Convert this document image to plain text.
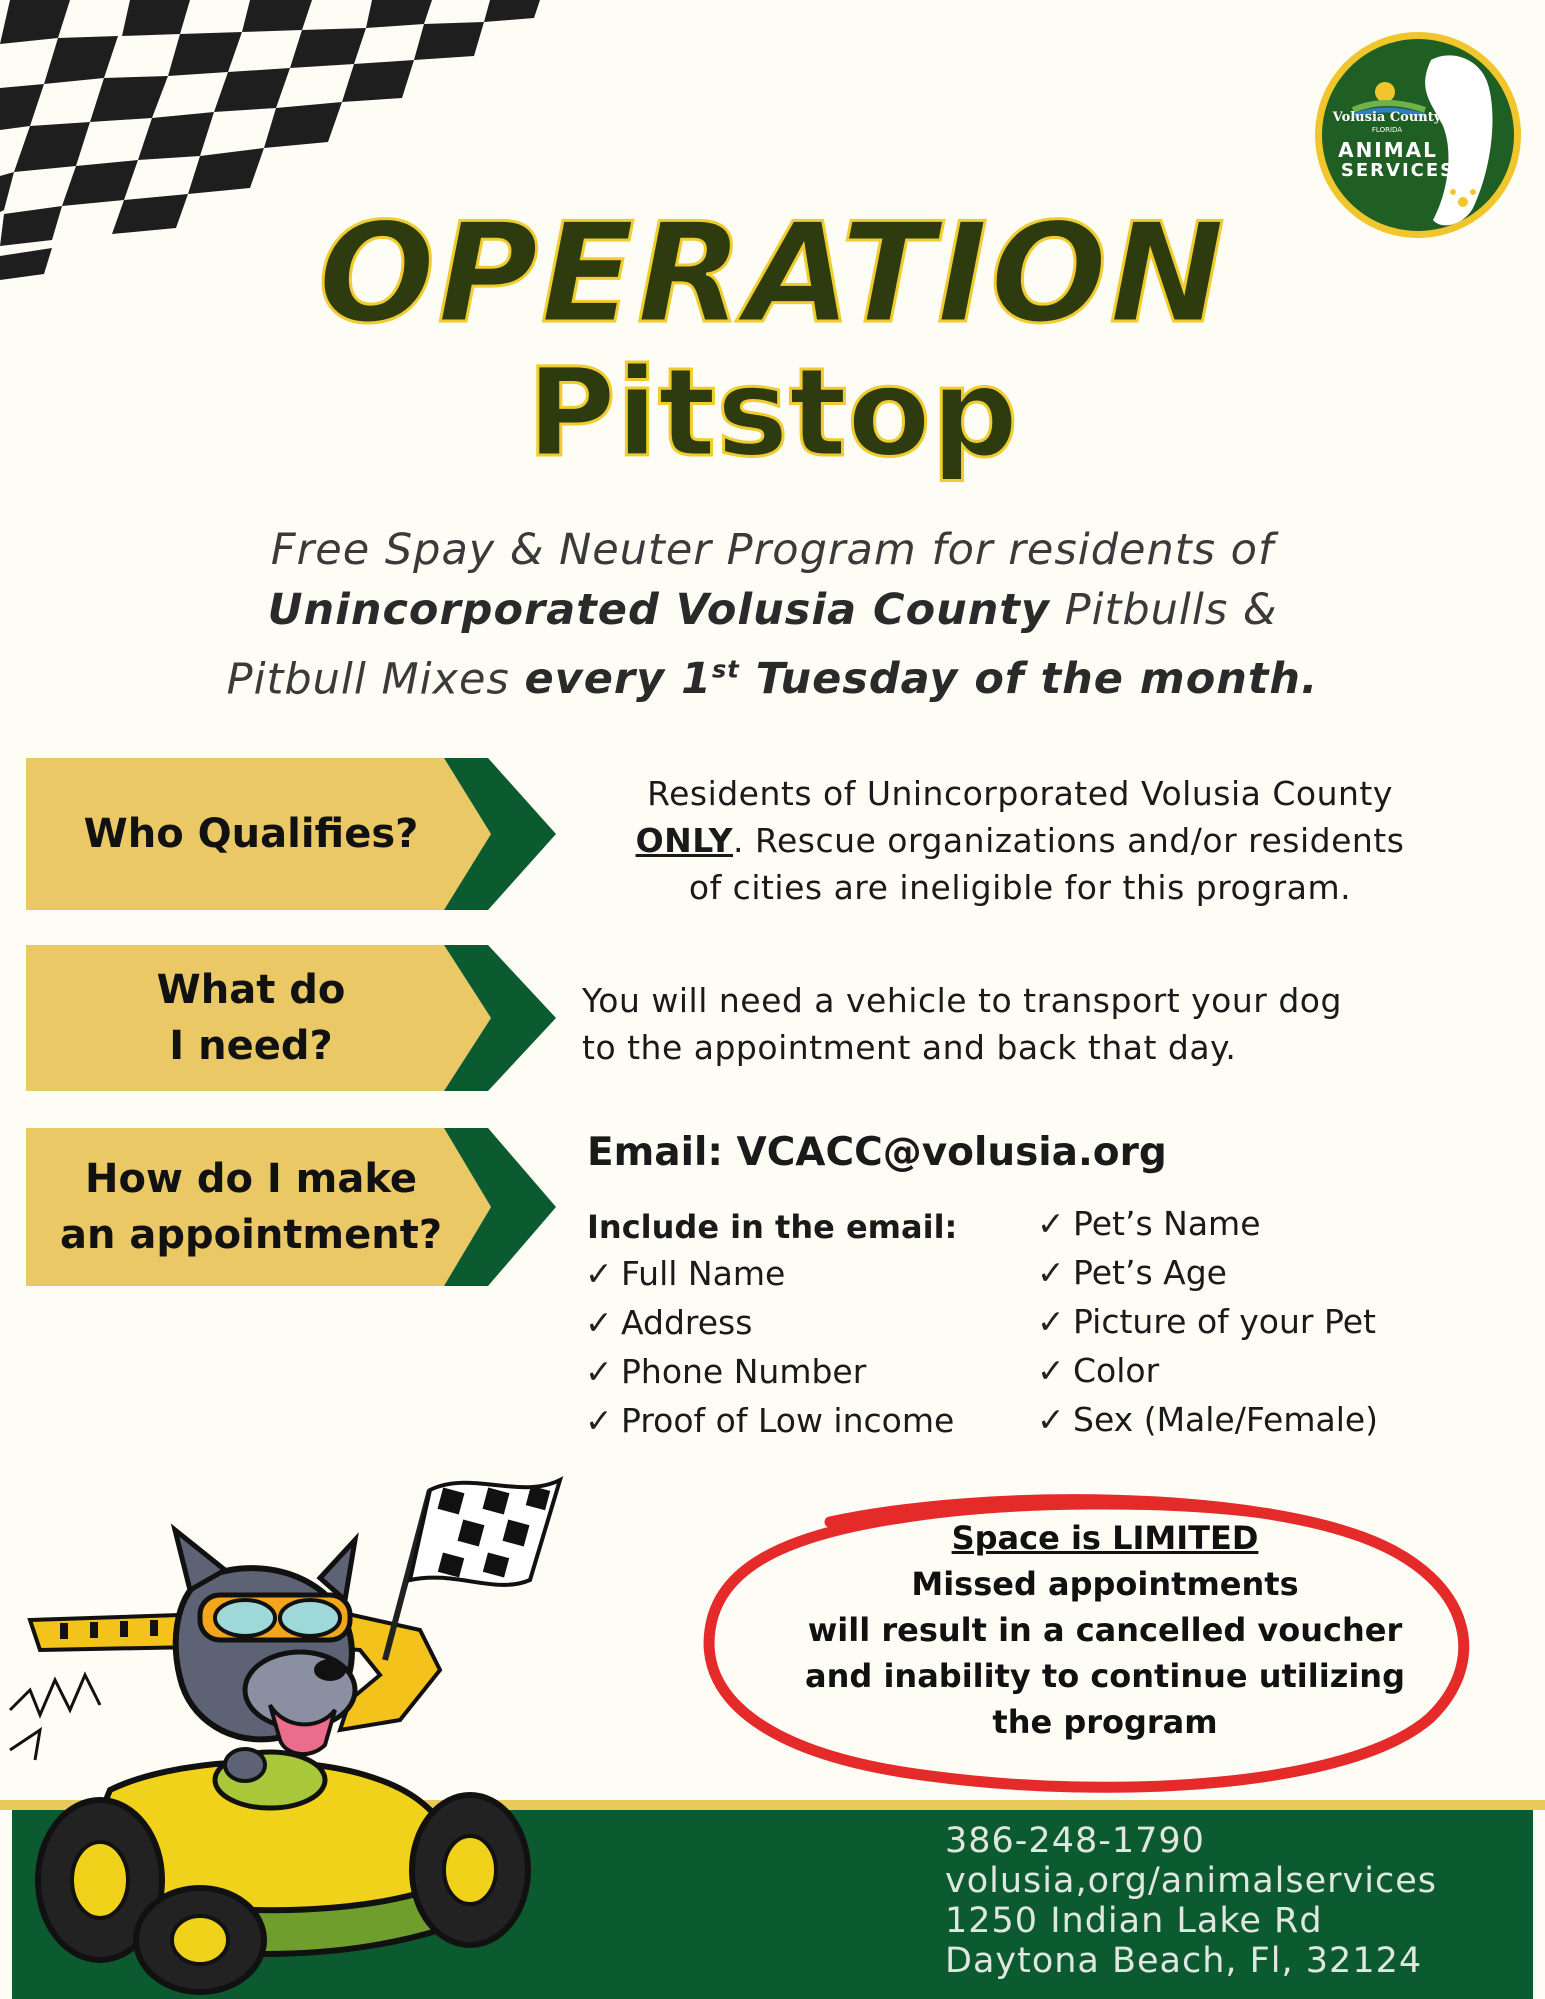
Volusia County
FLORIDA
ANIMAL
SERVICES
OPERATION
Pitstop
Free Spay & Neuter Program for residents of
Unincorporated Volusia County Pitbulls &
Pitbull Mixes every 1st Tuesday of the month.
Who Qualifies?
Residents of Unincorporated Volusia County
ONLY. Rescue organizations and/or residents
of cities are ineligible for this program.
What do
I need?
You will need a vehicle to transport your dog
to the appointment and back that day.
How do I make
an appointment?
Email: VCACC@volusia.org
Include in the email:
✓ Full Name
✓ Address
✓ Phone Number
✓ Proof of Low income
✓ Pet’s Name
✓ Pet’s Age
✓ Picture of your Pet
✓ Color
✓ Sex (Male/Female)
386-248-1790
volusia,org/animalservices
1250 Indian Lake Rd
Daytona Beach, Fl, 32124
Space is LIMITED
Missed appointments
will result in a cancelled voucher
and inability to continue utilizing
the program
